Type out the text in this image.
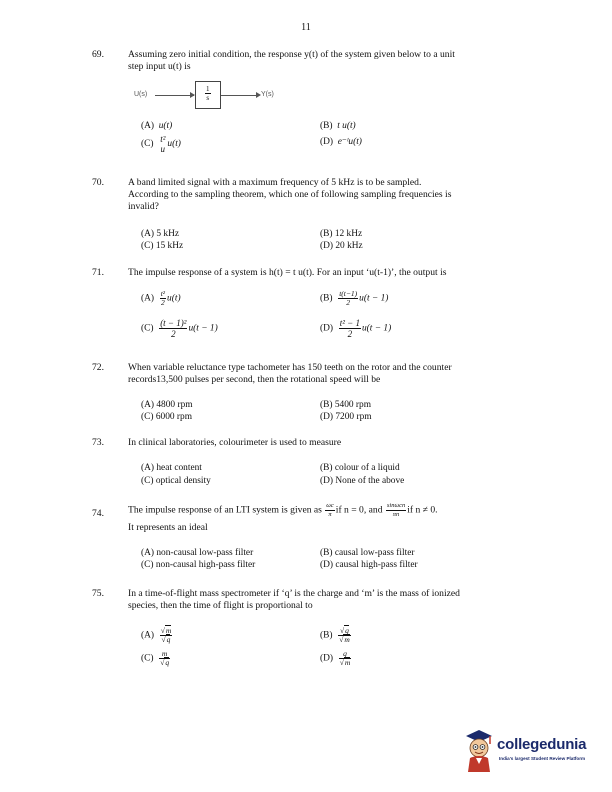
11
69.	Assuming zero initial condition, the response y(t) of the system given below to a unit
step input u(t) is
U(s)	$\frac{1}{s}$	Y(s)
(A) u(t)	(B) t u(t)
(C)
t²
u u(t)	(D) e⁻ᵗu(t)
70.	A band limited signal with a maximum frequency of 5 kHz is to be sampled.
According to the sampling theorem, which one of following sampling frequencies is
invalid?
(A) 5 kHz	(B) 12 kHz
(C) 15 kHz	(D) 20 kHz
71.	The impulse response of a system is h(t) = t u(t). For an input ‘u(t-1)’, the output is
$(A) \frac{\text{t²}}{2} u(t)$	$(B) \frac{t(t-1)}{2} u(t - 1)$
$(C) \frac{\text{(t − 1)²}}{2} u(t - 1)$	$(D) \frac{\text{t² − 1}}{2} u(t - 1)$
72.	When variable reluctance type tachometer has 150 teeth on the rotor and the counter
records13,500 pulses per second, then the rotational speed will be
(A) 4800 rpm	(B) 5400 rpm
(C) 6000 rpm	(D) 7200 rpm
73.	In clinical laboratories, colourimeter is used to measure
(A) heat content	(B) colour of a liquid
(C) optical density	(D) None of the above
74.	The impulse response of an LTI system is given as $\frac{\omega c}{\pi}$ if n = 0, and $\frac{\text{sinωcn}}{\pi n}$ if n ≠ 0.
It represents an ideal
(A) non-causal low-pass filter	(B) causal low-pass filter
(C) non-causal high-pass filter	(D) causal high-pass filter
75.	In a time-of-flight mass spectrometer if ‘q’ is the charge and ‘m’ is the mass of ionized
species, then the time of flight is proportional to
$(A) \frac{√m}{√q}$	$(B) \frac{√q}{√m}$
$(C) \frac{m}{√q}$	$(D) \frac{q}{√m}$
collegedunia
India's largest Student Review Platform
